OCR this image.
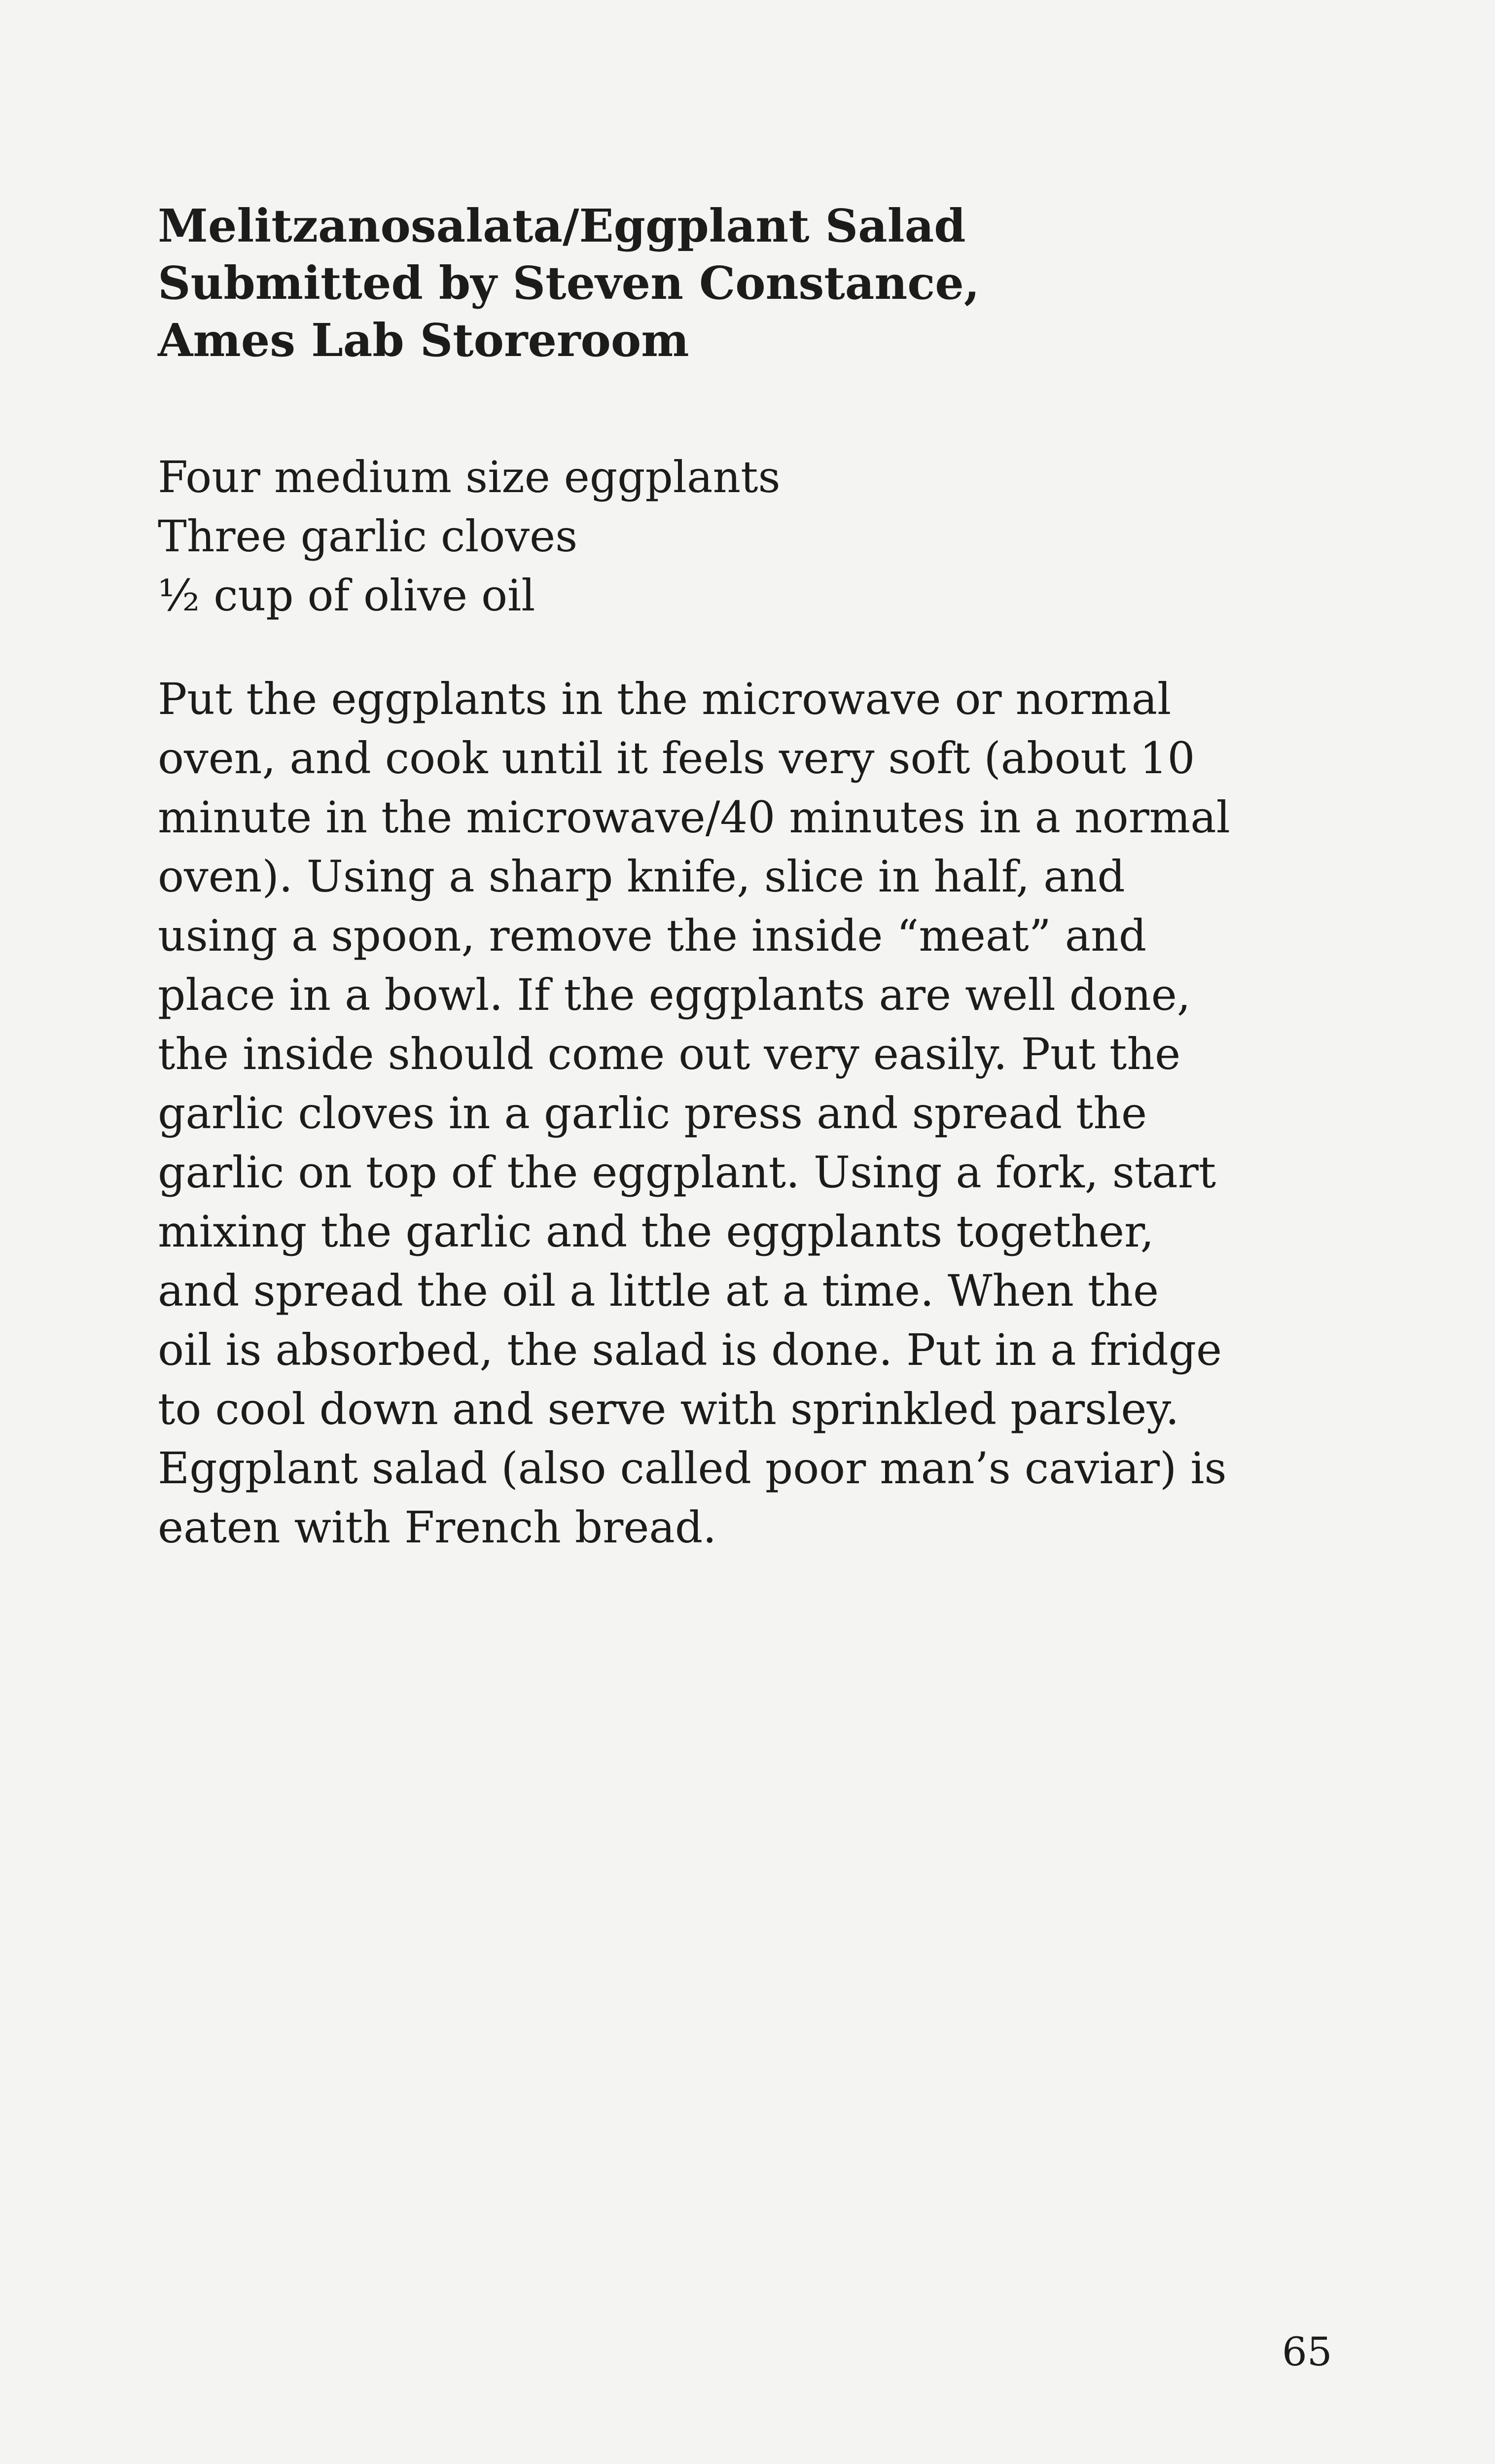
Melitzanosalata/Eggplant Salad
Submitted by Steven Constance,
Ames Lab Storeroom
Four medium size eggplants
Three garlic cloves
½ cup of olive oil
Put the eggplants in the microwave or normal
oven, and cook until it feels very soft (about 10
minute in the microwave/40 minutes in a normal
oven). Using a sharp knife, slice in half, and
using a spoon, remove the inside “meat” and
place in a bowl. If the eggplants are well done,
the inside should come out very easily. Put the
garlic cloves in a garlic press and spread the
garlic on top of the eggplant. Using a fork, start
mixing the garlic and the eggplants together,
and spread the oil a little at a time. When the
oil is absorbed, the salad is done. Put in a fridge
to cool down and serve with sprinkled parsley.
Eggplant salad (also called poor man’s caviar) is
eaten with French bread.
65
